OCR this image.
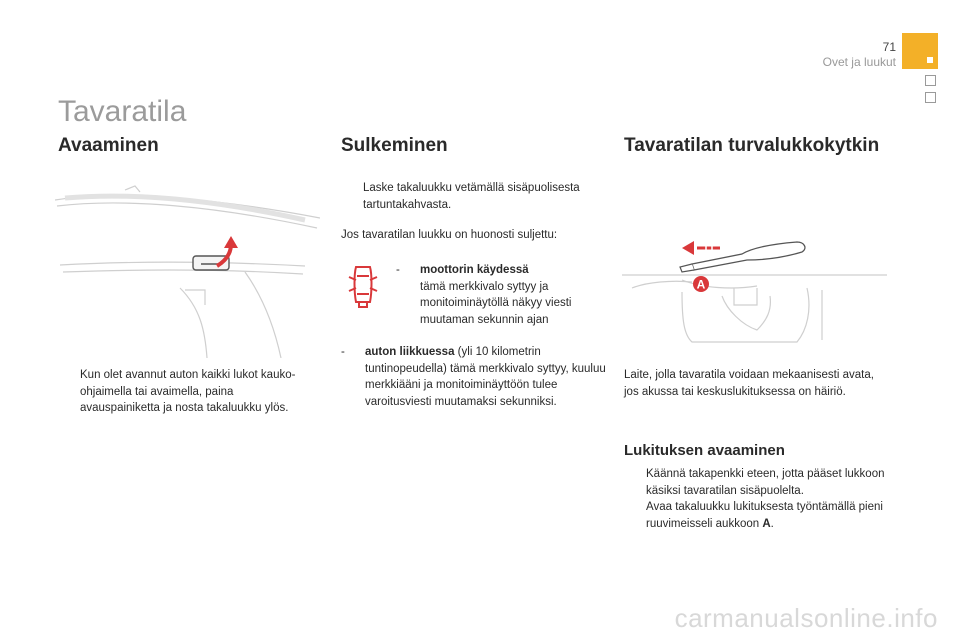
71
Ovet ja luukut
Tavaratila
Avaaminen
Kun olet avannut auton kaikki lukot kauko-ohjaimella tai avaimella, paina avauspainiketta ja nosta takaluukku ylös.
Sulkeminen
Laske takaluukku vetämällä sisäpuolisesta tartuntakahvasta.

Jos tavaratilan luukku on huonosti suljettu:

-	moottorin käydessä
tämä merkkivalo syttyy ja monitoiminäytöllä näkyy viesti muutaman sekunnin ajan
-	auton liikkuessa (yli 10 kilometrin tuntinopeudella) tämä merkkivalo syttyy, kuuluu merkkiääni ja monitoiminäyttöön tulee varoitusviesti muutamaksi sekunniksi.
Tavaratilan turvalukkokytkin
A

Laite, jolla tavaratila voidaan mekaanisesti avata, jos akussa tai keskuslukituksessa on häiriö.

Lukituksen avaaminen
Käännä takapenkki eteen, jotta pääset lukkoon käsiksi tavaratilan sisäpuolelta.
Avaa takaluukku lukituksesta työntämällä pieni ruuvimeisseli aukkoon A.
carmanualsonline.info
